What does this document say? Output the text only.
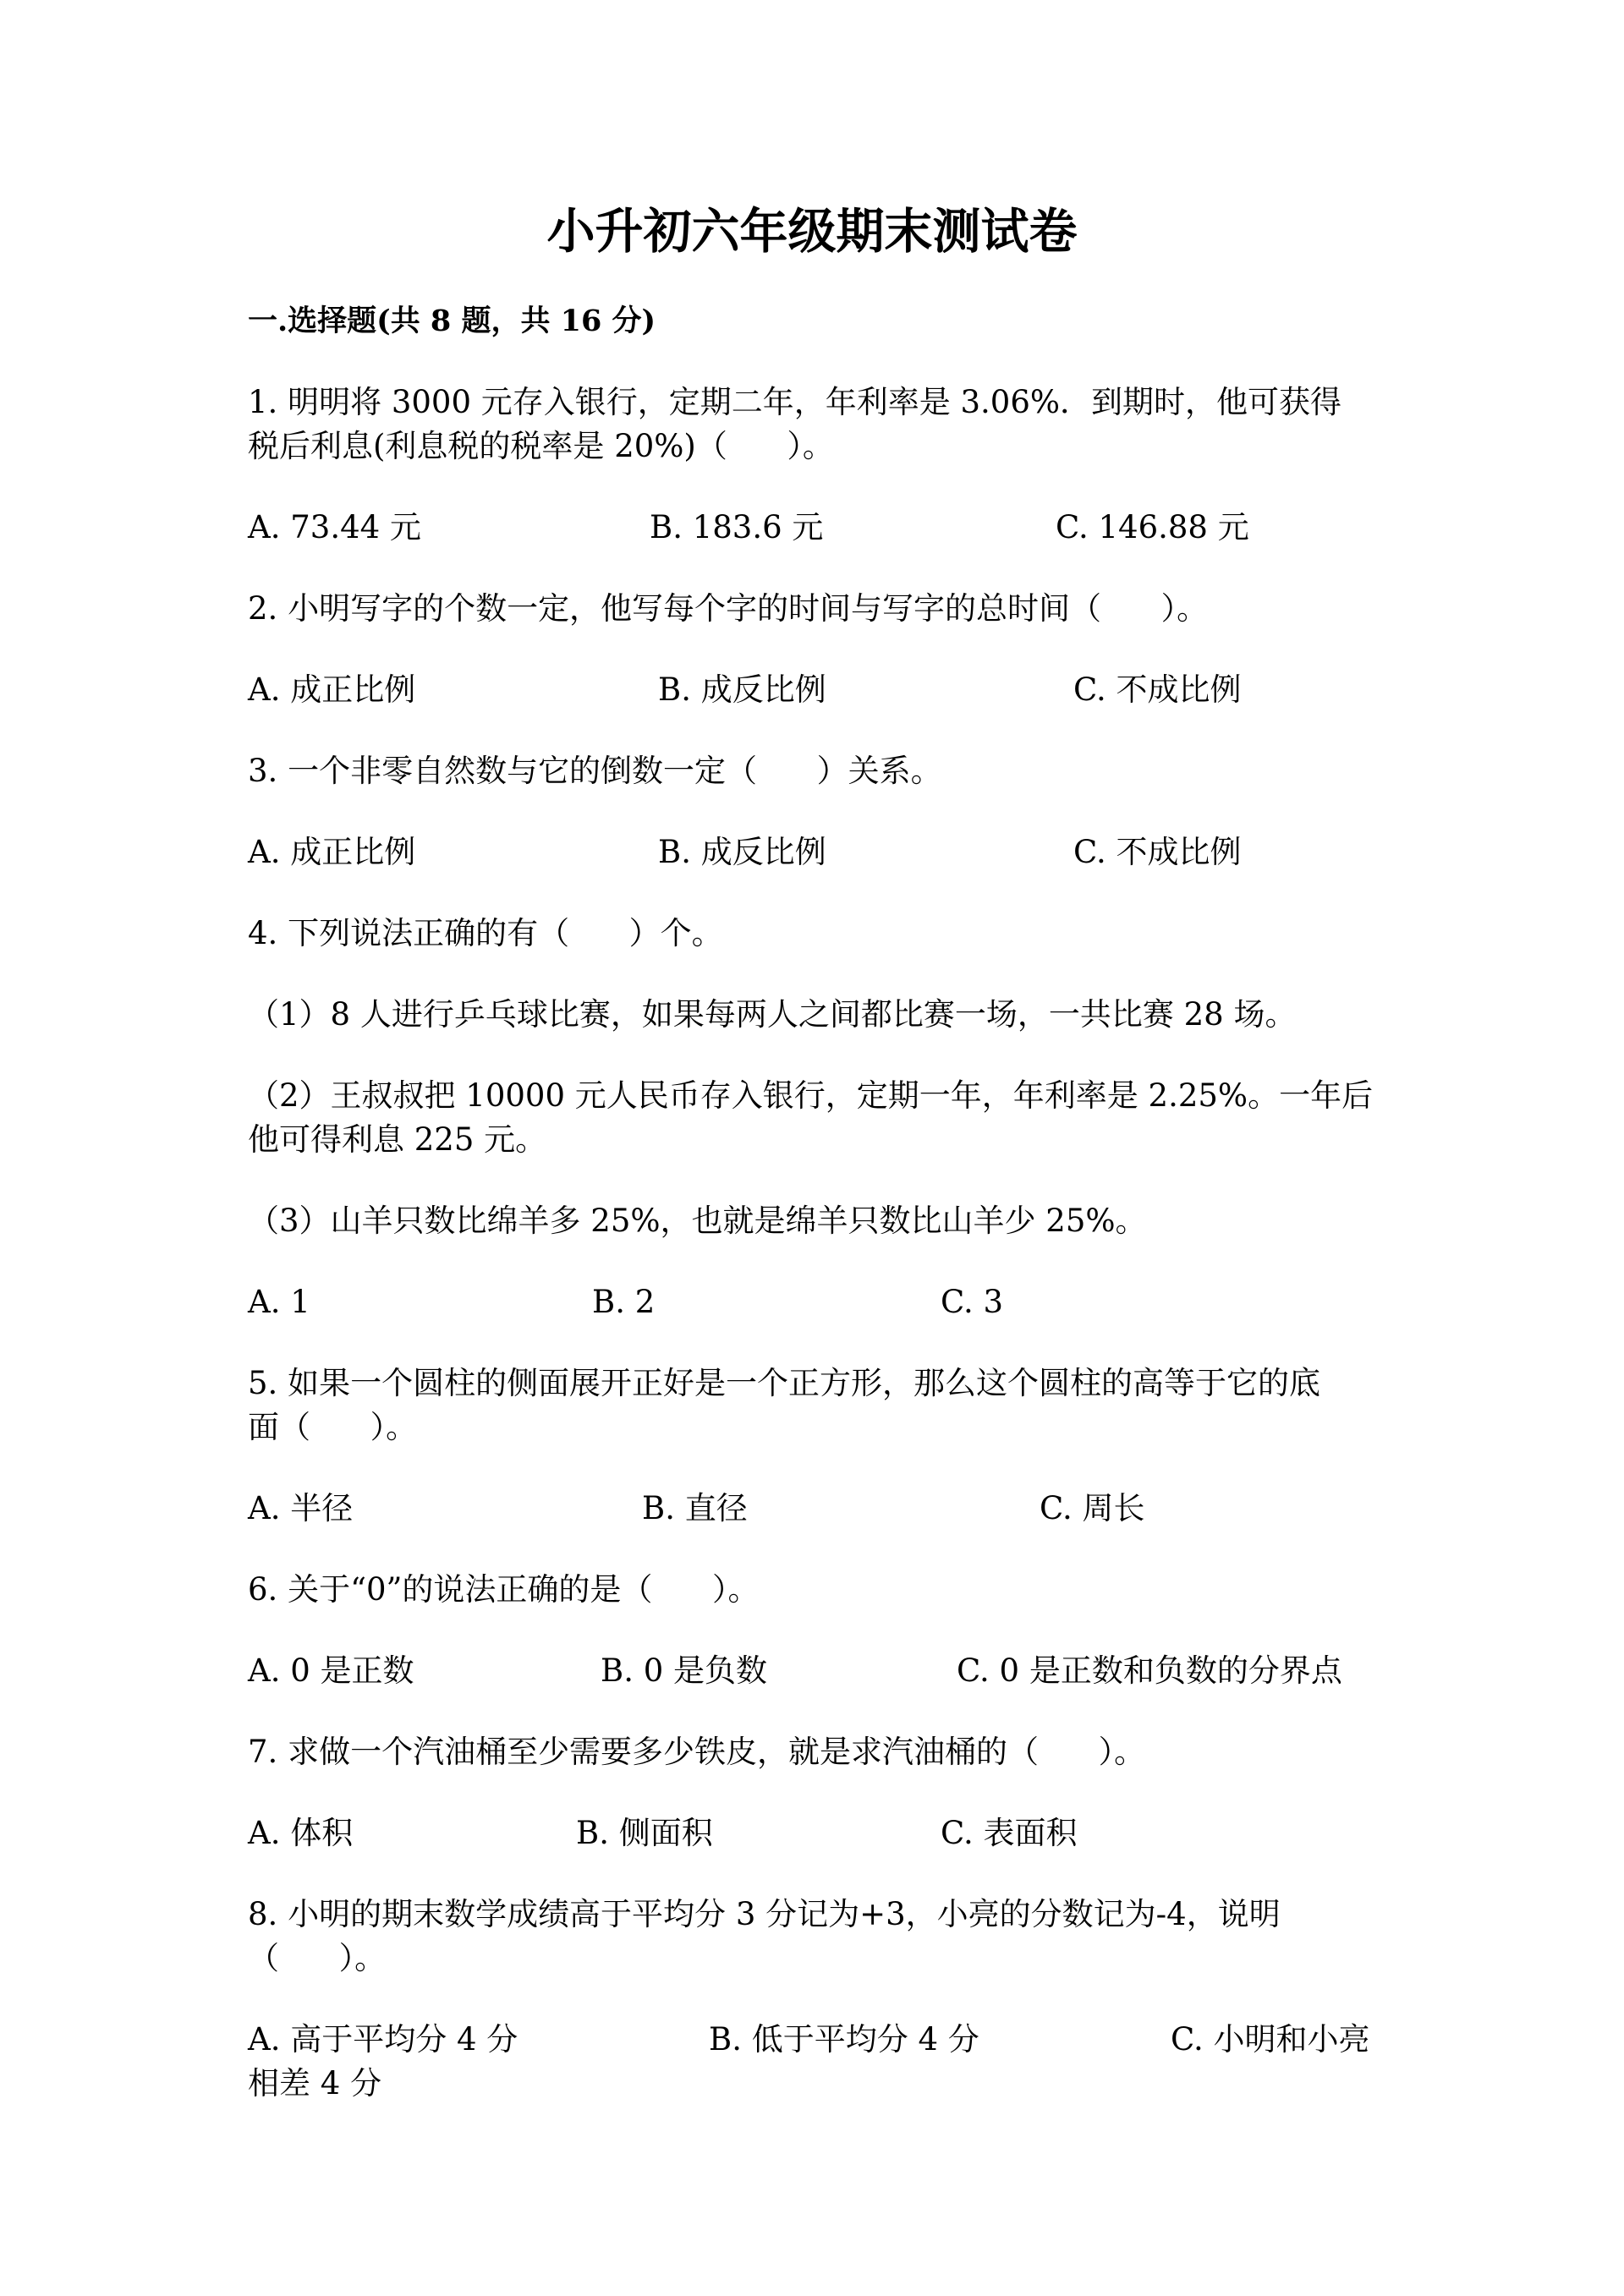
小升初六年级期末测试卷
一.选择题(共 8 题，共 16 分)
1. 明明将 3000 元存入银行，定期二年，年利率是 3.06%．到期时，他可获得
税后利息(利息税的税率是 20%)（      ）。
A. 73.44 元	B. 183.6 元	C. 146.88 元
2. 小明写字的个数一定，他写每个字的时间与写字的总时间（      ）。
A. 成正比例	B. 成反比例	C. 不成比例
3. 一个非零自然数与它的倒数一定（      ）关系。
A. 成正比例	B. 成反比例	C. 不成比例
4. 下列说法正确的有（      ）个。
（1）8 人进行乒乓球比赛，如果每两人之间都比赛一场，一共比赛 28 场。
（2）王叔叔把 10000 元人民币存入银行，定期一年，年利率是 2.25%。一年后
他可得利息 225 元。
（3）山羊只数比绵羊多 25%，也就是绵羊只数比山羊少 25%。
A. 1	B. 2	C. 3
5. 如果一个圆柱的侧面展开正好是一个正方形，那么这个圆柱的高等于它的底
面（      ）。
A. 半径	B. 直径	C. 周长
6. 关于“0”的说法正确的是（      ）。
A. 0 是正数	B. 0 是负数	C. 0 是正数和负数的分界点
7. 求做一个汽油桶至少需要多少铁皮，就是求汽油桶的（      ）。
A. 体积	B. 侧面积	C. 表面积
8. 小明的期末数学成绩高于平均分 3 分记为+3，小亮的分数记为-4，说明
（      ）。
A. 高于平均分 4 分	B. 低于平均分 4 分	C. 小明和小亮相差 4 分
